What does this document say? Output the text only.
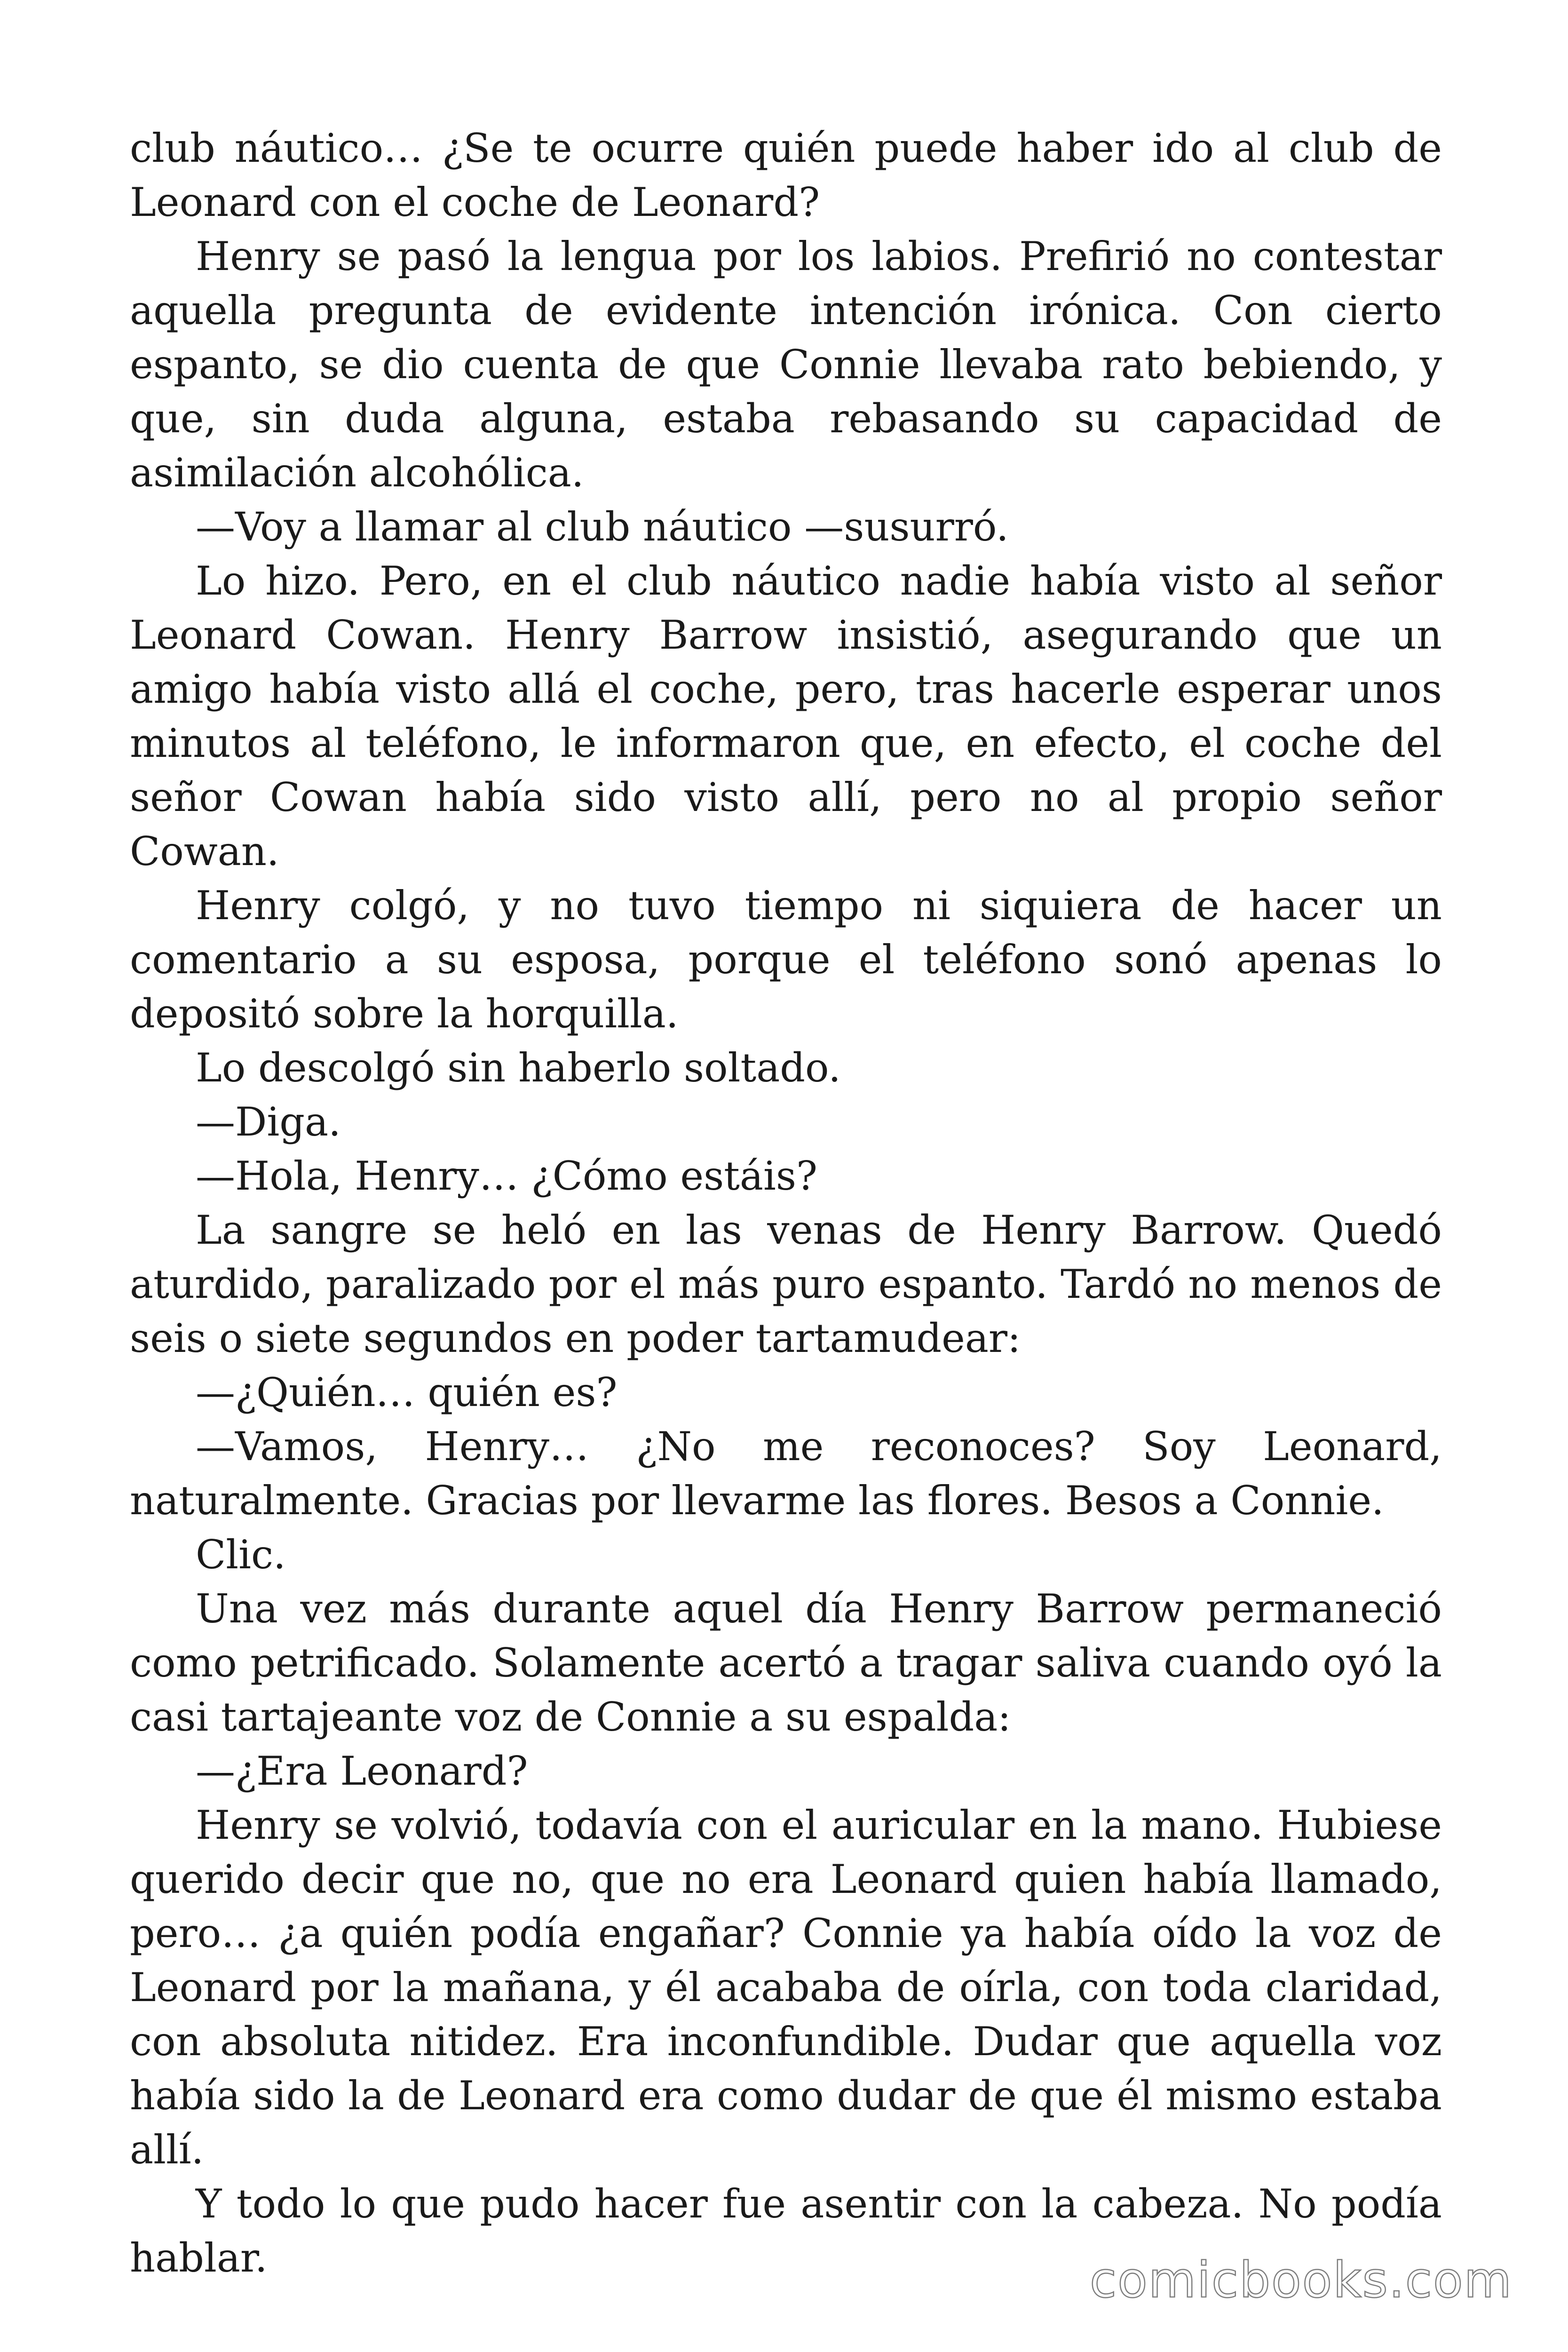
club náutico… ¿Se te ocurre quién puede haber ido al club de Leonard con el coche de Leonard?

Henry se pasó la lengua por los labios. Prefirió no contestar aquella pregunta de evidente intención irónica. Con cierto espanto, se dio cuenta de que Connie llevaba rato bebiendo, y que, sin duda alguna, estaba rebasando su capacidad de asimilación alcohólica.

—Voy a llamar al club náutico —susurró.

Lo hizo. Pero, en el club náutico nadie había visto al señor Leonard Cowan. Henry Barrow insistió, asegurando que un amigo había visto allá el coche, pero, tras hacerle esperar unos minutos al teléfono, le informaron que, en efecto, el coche del señor Cowan había sido visto allí, pero no al propio señor Cowan.

Henry colgó, y no tuvo tiempo ni siquiera de hacer un comentario a su esposa, porque el teléfono sonó apenas lo depositó sobre la horquilla.

Lo descolgó sin haberlo soltado.

—Diga.

—Hola, Henry… ¿Cómo estáis?

La sangre se heló en las venas de Henry Barrow. Quedó aturdido, paralizado por el más puro espanto. Tardó no menos de seis o siete segundos en poder tartamudear:

—¿Quién… quién es?

—Vamos, Henry… ¿No me reconoces? Soy Leonard, naturalmente. Gracias por llevarme las flores. Besos a Connie.

Clic.

Una vez más durante aquel día Henry Barrow permaneció como petrificado. Solamente acertó a tragar saliva cuando oyó la casi tartajeante voz de Connie a su espalda:

—¿Era Leonard?

Henry se volvió, todavía con el auricular en la mano. Hubiese querido decir que no, que no era Leonard quien había llamado, pero… ¿a quién podía engañar? Connie ya había oído la voz de Leonard por la mañana, y él acababa de oírla, con toda claridad, con absoluta nitidez. Era inconfundible. Dudar que aquella voz había sido la de Leonard era como dudar de que él mismo estaba allí.

Y todo lo que pudo hacer fue asentir con la cabeza. No podía hablar.	comicbooks.com
